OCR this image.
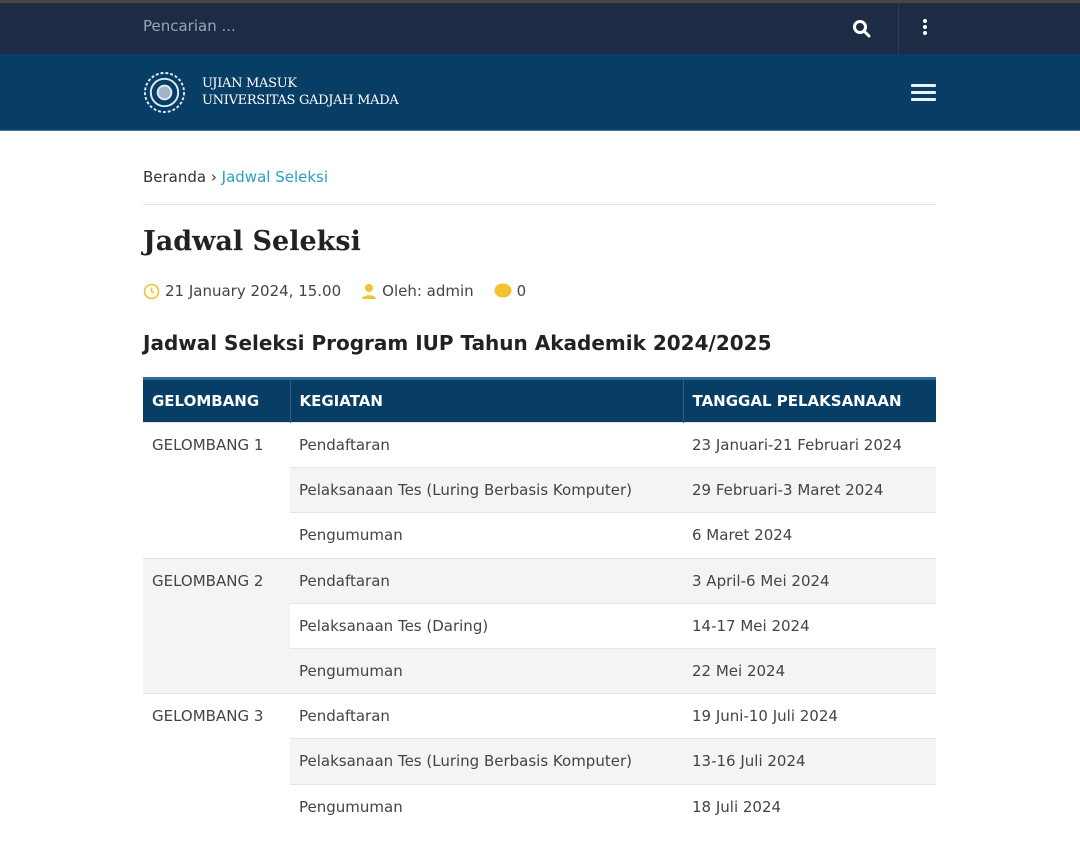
Pencarian ...
UJIAN MASUK
UNIVERSITAS GADJAH MADA
Beranda › Jadwal Seleksi
Jadwal Seleksi
21 January 2024, 15.00	Oleh: admin	0
Jadwal Seleksi Program IUP Tahun Akademik 2024/2025
GELOMBANG	KEGIATAN	TANGGAL PELAKSANAAN
GELOMBANG 1	Pendaftaran	23 Januari-21 Februari 2024
	Pelaksanaan Tes (Luring Berbasis Komputer)	29 Februari-3 Maret 2024
	Pengumuman	6 Maret 2024
GELOMBANG 2	Pendaftaran	3 April-6 Mei 2024
	Pelaksanaan Tes (Daring)	14-17 Mei 2024
	Pengumuman	22 Mei 2024
GELOMBANG 3	Pendaftaran	19 Juni-10 Juli 2024
	Pelaksanaan Tes (Luring Berbasis Komputer)	13-16 Juli 2024
	Pengumuman	18 Juli 2024
